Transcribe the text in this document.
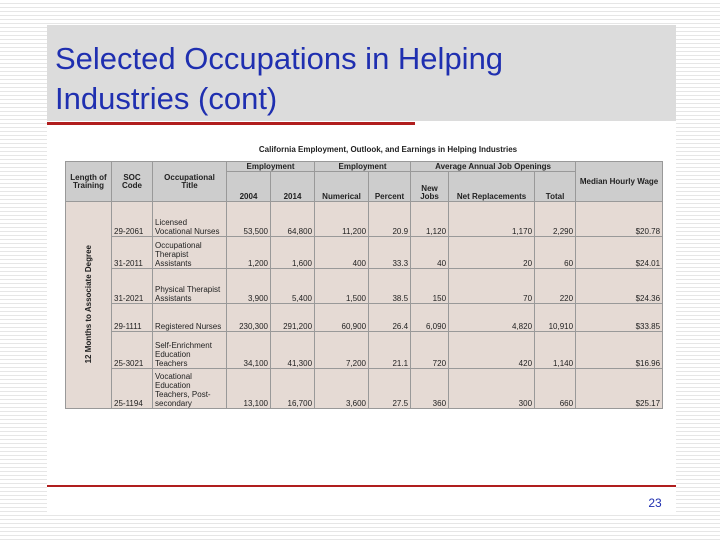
Selected Occupations in Helping
Industries (cont)
California Employment, Outlook, and Earnings in Helping Industries
Length of Training	SOC Code	Occupational Title	Employment		Employment		Average Annual Job Openings			Median Hourly Wage
			2004	2014	Numerical	Percent	New Jobs	Net Replacements	Total	
12 Months to Associate Degree	29-2061	Licensed Vocational Nurses	53,500	64,800	11,200	20.9	1,120	1,170	2,290	$20.78
	31-2011	Occupational Therapist Assistants	1,200	1,600	400	33.3	40	20	60	$24.01
	31-2021	Physical Therapist Assistants	3,900	5,400	1,500	38.5	150	70	220	$24.36
	29-1111	Registered Nurses	230,300	291,200	60,900	26.4	6,090	4,820	10,910	$33.85
	25-3021	Self-Enrichment Education Teachers	34,100	41,300	7,200	21.1	720	420	1,140	$16.96
	25-1194	Vocational Education Teachers, Post-secondary	13,100	16,700	3,600	27.5	360	300	660	$25.17
23
